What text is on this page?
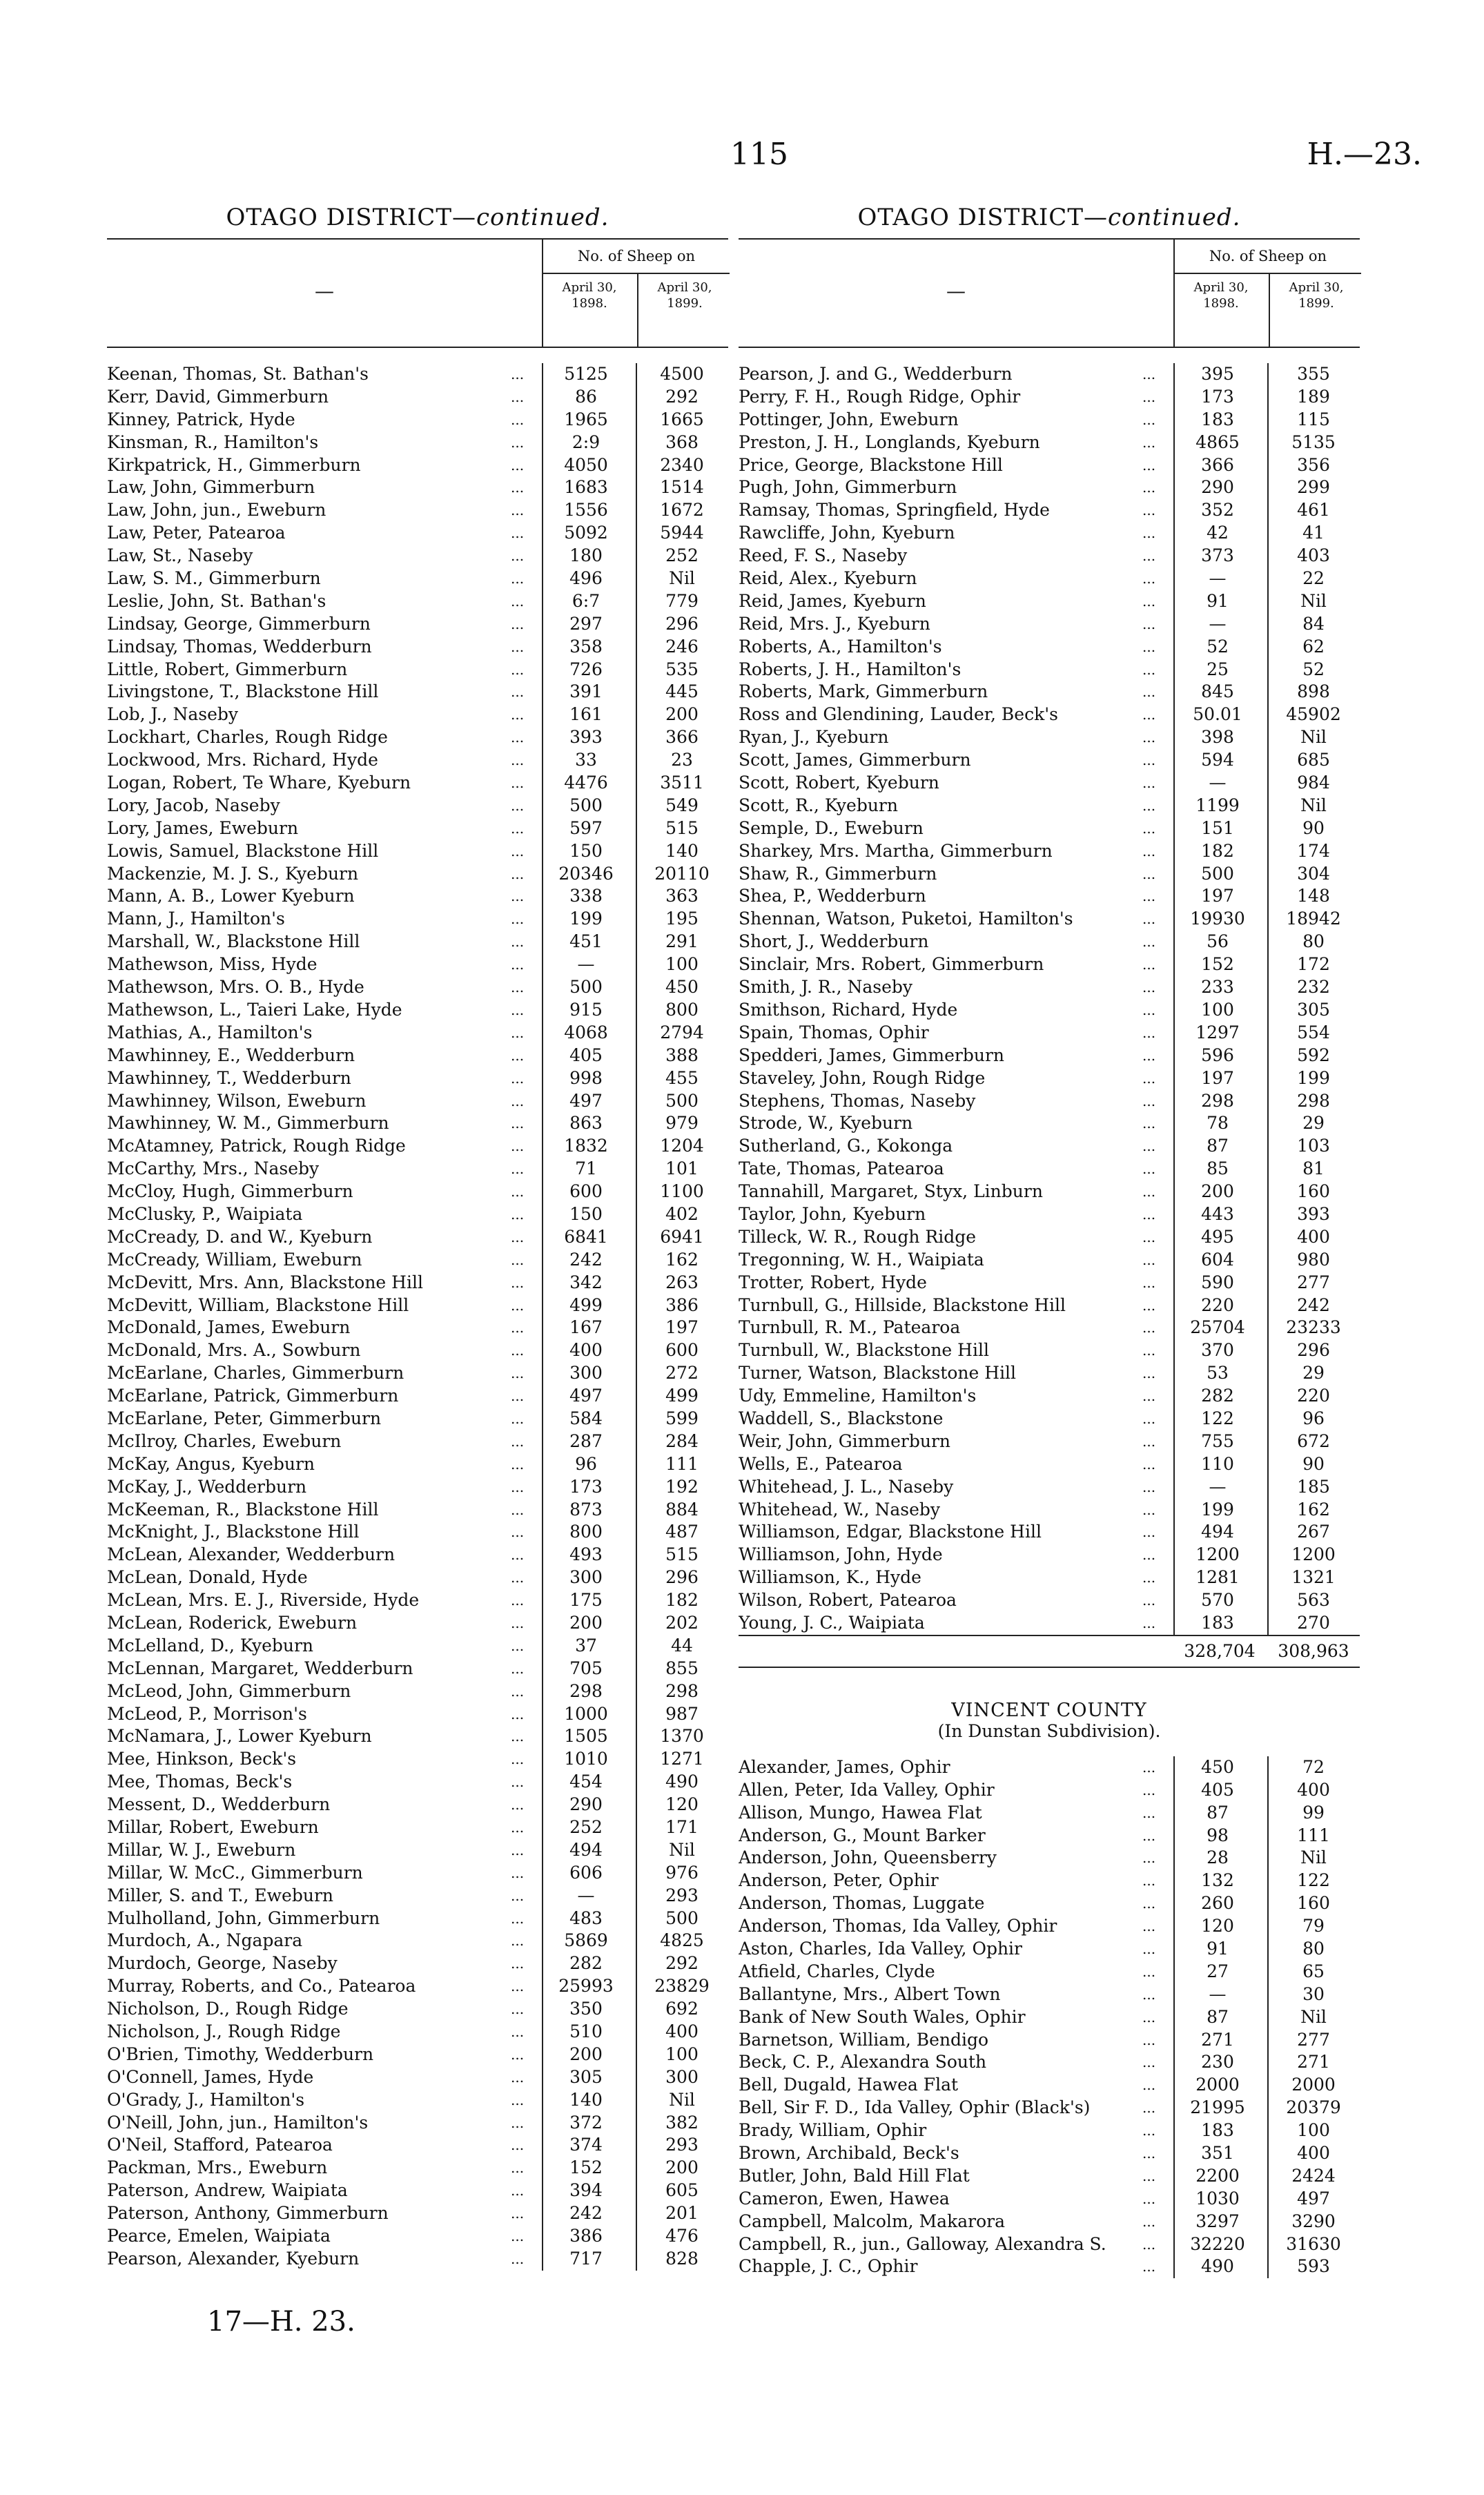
115	H.—23.
OTAGO DISTRICT—continued.
—
No. of Sheep on
April 30, 1898.
April 30, 1899.
Keenan, Thomas, St. Bathan's	...	5125	4500
Kerr, David, Gimmerburn	...	86	292
Kinney, Patrick, Hyde	...	1965	1665
Kinsman, R., Hamilton's	...	2:9	368
Kirkpatrick, H., Gimmerburn	...	4050	2340
Law, John, Gimmerburn	...	1683	1514
Law, John, jun., Eweburn	...	1556	1672
Law, Peter, Patearoa	...	5092	5944
Law, St., Naseby	...	180	252
Law, S. M., Gimmerburn	...	496	Nil
Leslie, John, St. Bathan's	...	6:7	779
Lindsay, George, Gimmerburn	...	297	296
Lindsay, Thomas, Wedderburn	...	358	246
Little, Robert, Gimmerburn	...	726	535
Livingstone, T., Blackstone Hill	...	391	445
Lob, J., Naseby	...	161	200
Lockhart, Charles, Rough Ridge	...	393	366
Lockwood, Mrs. Richard, Hyde	...	33	23
Logan, Robert, Te Whare, Kyeburn	...	4476	3511
Lory, Jacob, Naseby	...	500	549
Lory, James, Eweburn	...	597	515
Lowis, Samuel, Blackstone Hill	...	150	140
Mackenzie, M. J. S., Kyeburn	...	20346	20110
Mann, A. B., Lower Kyeburn	...	338	363
Mann, J., Hamilton's	...	199	195
Marshall, W., Blackstone Hill	...	451	291
Mathewson, Miss, Hyde	...	—	100
Mathewson, Mrs. O. B., Hyde	...	500	450
Mathewson, L., Taieri Lake, Hyde	...	915	800
Mathias, A., Hamilton's	...	4068	2794
Mawhinney, E., Wedderburn	...	405	388
Mawhinney, T., Wedderburn	...	998	455
Mawhinney, Wilson, Eweburn	...	497	500
Mawhinney, W. M., Gimmerburn	...	863	979
McAtamney, Patrick, Rough Ridge	...	1832	1204
McCarthy, Mrs., Naseby	...	71	101
McCloy, Hugh, Gimmerburn	...	600	1100
McClusky, P., Waipiata	...	150	402
McCready, D. and W., Kyeburn	...	6841	6941
McCready, William, Eweburn	...	242	162
McDevitt, Mrs. Ann, Blackstone Hill	...	342	263
McDevitt, William, Blackstone Hill	...	499	386
McDonald, James, Eweburn	...	167	197
McDonald, Mrs. A., Sowburn	...	400	600
McEarlane, Charles, Gimmerburn	...	300	272
McEarlane, Patrick, Gimmerburn	...	497	499
McEarlane, Peter, Gimmerburn	...	584	599
McIlroy, Charles, Eweburn	...	287	284
McKay, Angus, Kyeburn	...	96	111
McKay, J., Wedderburn	...	173	192
McKeeman, R., Blackstone Hill	...	873	884
McKnight, J., Blackstone Hill	...	800	487
McLean, Alexander, Wedderburn	...	493	515
McLean, Donald, Hyde	...	300	296
McLean, Mrs. E. J., Riverside, Hyde	...	175	182
McLean, Roderick, Eweburn	...	200	202
McLelland, D., Kyeburn	...	37	44
McLennan, Margaret, Wedderburn	...	705	855
McLeod, John, Gimmerburn	...	298	298
McLeod, P., Morrison's	...	1000	987
McNamara, J., Lower Kyeburn	...	1505	1370
Mee, Hinkson, Beck's	...	1010	1271
Mee, Thomas, Beck's	...	454	490
Messent, D., Wedderburn	...	290	120
Millar, Robert, Eweburn	...	252	171
Millar, W. J., Eweburn	...	494	Nil
Millar, W. McC., Gimmerburn	...	606	976
Miller, S. and T., Eweburn	...	—	293
Mulholland, John, Gimmerburn	...	483	500
Murdoch, A., Ngapara	...	5869	4825
Murdoch, George, Naseby	...	282	292
Murray, Roberts, and Co., Patearoa	...	25993	23829
Nicholson, D., Rough Ridge	...	350	692
Nicholson, J., Rough Ridge	...	510	400
O'Brien, Timothy, Wedderburn	...	200	100
O'Connell, James, Hyde	...	305	300
O'Grady, J., Hamilton's	...	140	Nil
O'Neill, John, jun., Hamilton's	...	372	382
O'Neil, Stafford, Patearoa	...	374	293
Packman, Mrs., Eweburn	...	152	200
Paterson, Andrew, Waipiata	...	394	605
Paterson, Anthony, Gimmerburn	...	242	201
Pearce, Emelen, Waipiata	...	386	476
Pearson, Alexander, Kyeburn	...	717	828
OTAGO DISTRICT—continued.
—
No. of Sheep on
April 30, 1898.
April 30, 1899.
Pearson, J. and G., Wedderburn	...	395	355
Perry, F. H., Rough Ridge, Ophir	...	173	189
Pottinger, John, Eweburn	...	183	115
Preston, J. H., Longlands, Kyeburn	...	4865	5135
Price, George, Blackstone Hill	...	366	356
Pugh, John, Gimmerburn	...	290	299
Ramsay, Thomas, Springfield, Hyde	...	352	461
Rawcliffe, John, Kyeburn	...	42	41
Reed, F. S., Naseby	...	373	403
Reid, Alex., Kyeburn	...	—	22
Reid, James, Kyeburn	...	91	Nil
Reid, Mrs. J., Kyeburn	...	—	84
Roberts, A., Hamilton's	...	52	62
Roberts, J. H., Hamilton's	...	25	52
Roberts, Mark, Gimmerburn	...	845	898
Ross and Glendining, Lauder, Beck's	...	50.01	45902
Ryan, J., Kyeburn	...	398	Nil
Scott, James, Gimmerburn	...	594	685
Scott, Robert, Kyeburn	...	—	984
Scott, R., Kyeburn	...	1199	Nil
Semple, D., Eweburn	...	151	90
Sharkey, Mrs. Martha, Gimmerburn	...	182	174
Shaw, R., Gimmerburn	...	500	304
Shea, P., Wedderburn	...	197	148
Shennan, Watson, Puketoi, Hamilton's	...	19930	18942
Short, J., Wedderburn	...	56	80
Sinclair, Mrs. Robert, Gimmerburn	...	152	172
Smith, J. R., Naseby	...	233	232
Smithson, Richard, Hyde	...	100	305
Spain, Thomas, Ophir	...	1297	554
Spedderi, James, Gimmerburn	...	596	592
Staveley, John, Rough Ridge	...	197	199
Stephens, Thomas, Naseby	...	298	298
Strode, W., Kyeburn	...	78	29
Sutherland, G., Kokonga	...	87	103
Tate, Thomas, Patearoa	...	85	81
Tannahill, Margaret, Styx, Linburn	...	200	160
Taylor, John, Kyeburn	...	443	393
Tilleck, W. R., Rough Ridge	...	495	400
Tregonning, W. H., Waipiata	...	604	980
Trotter, Robert, Hyde	...	590	277
Turnbull, G., Hillside, Blackstone Hill	...	220	242
Turnbull, R. M., Patearoa	...	25704	23233
Turnbull, W., Blackstone Hill	...	370	296
Turner, Watson, Blackstone Hill	...	53	29
Udy, Emmeline, Hamilton's	...	282	220
Waddell, S., Blackstone	...	122	96
Weir, John, Gimmerburn	...	755	672
Wells, E., Patearoa	...	110	90
Whitehead, J. L., Naseby	...	—	185
Whitehead, W., Naseby	...	199	162
Williamson, Edgar, Blackstone Hill	...	494	267
Williamson, John, Hyde	...	1200	1200
Williamson, K., Hyde	...	1281	1321
Wilson, Robert, Patearoa	...	570	563
Young, J. C., Waipiata	...	183	270
328,704	308,963
VINCENT COUNTY
(In Dunstan Subdivision).
Alexander, James, Ophir	...	450	72
Allen, Peter, Ida Valley, Ophir	...	405	400
Allison, Mungo, Hawea Flat	...	87	99
Anderson, G., Mount Barker	...	98	111
Anderson, John, Queensberry	...	28	Nil
Anderson, Peter, Ophir	...	132	122
Anderson, Thomas, Luggate	...	260	160
Anderson, Thomas, Ida Valley, Ophir	...	120	79
Aston, Charles, Ida Valley, Ophir	...	91	80
Atfield, Charles, Clyde	...	27	65
Ballantyne, Mrs., Albert Town	...	—	30
Bank of New South Wales, Ophir	...	87	Nil
Barnetson, William, Bendigo	...	271	277
Beck, C. P., Alexandra South	...	230	271
Bell, Dugald, Hawea Flat	...	2000	2000
Bell, Sir F. D., Ida Valley, Ophir (Black's)	...	21995	20379
Brady, William, Ophir	...	183	100
Brown, Archibald, Beck's	...	351	400
Butler, John, Bald Hill Flat	...	2200	2424
Cameron, Ewen, Hawea	...	1030	497
Campbell, Malcolm, Makarora	...	3297	3290
Campbell, R., jun., Galloway, Alexandra S.	...	32220	31630
Chapple, J. C., Ophir	...	490	593
17—H. 23.
